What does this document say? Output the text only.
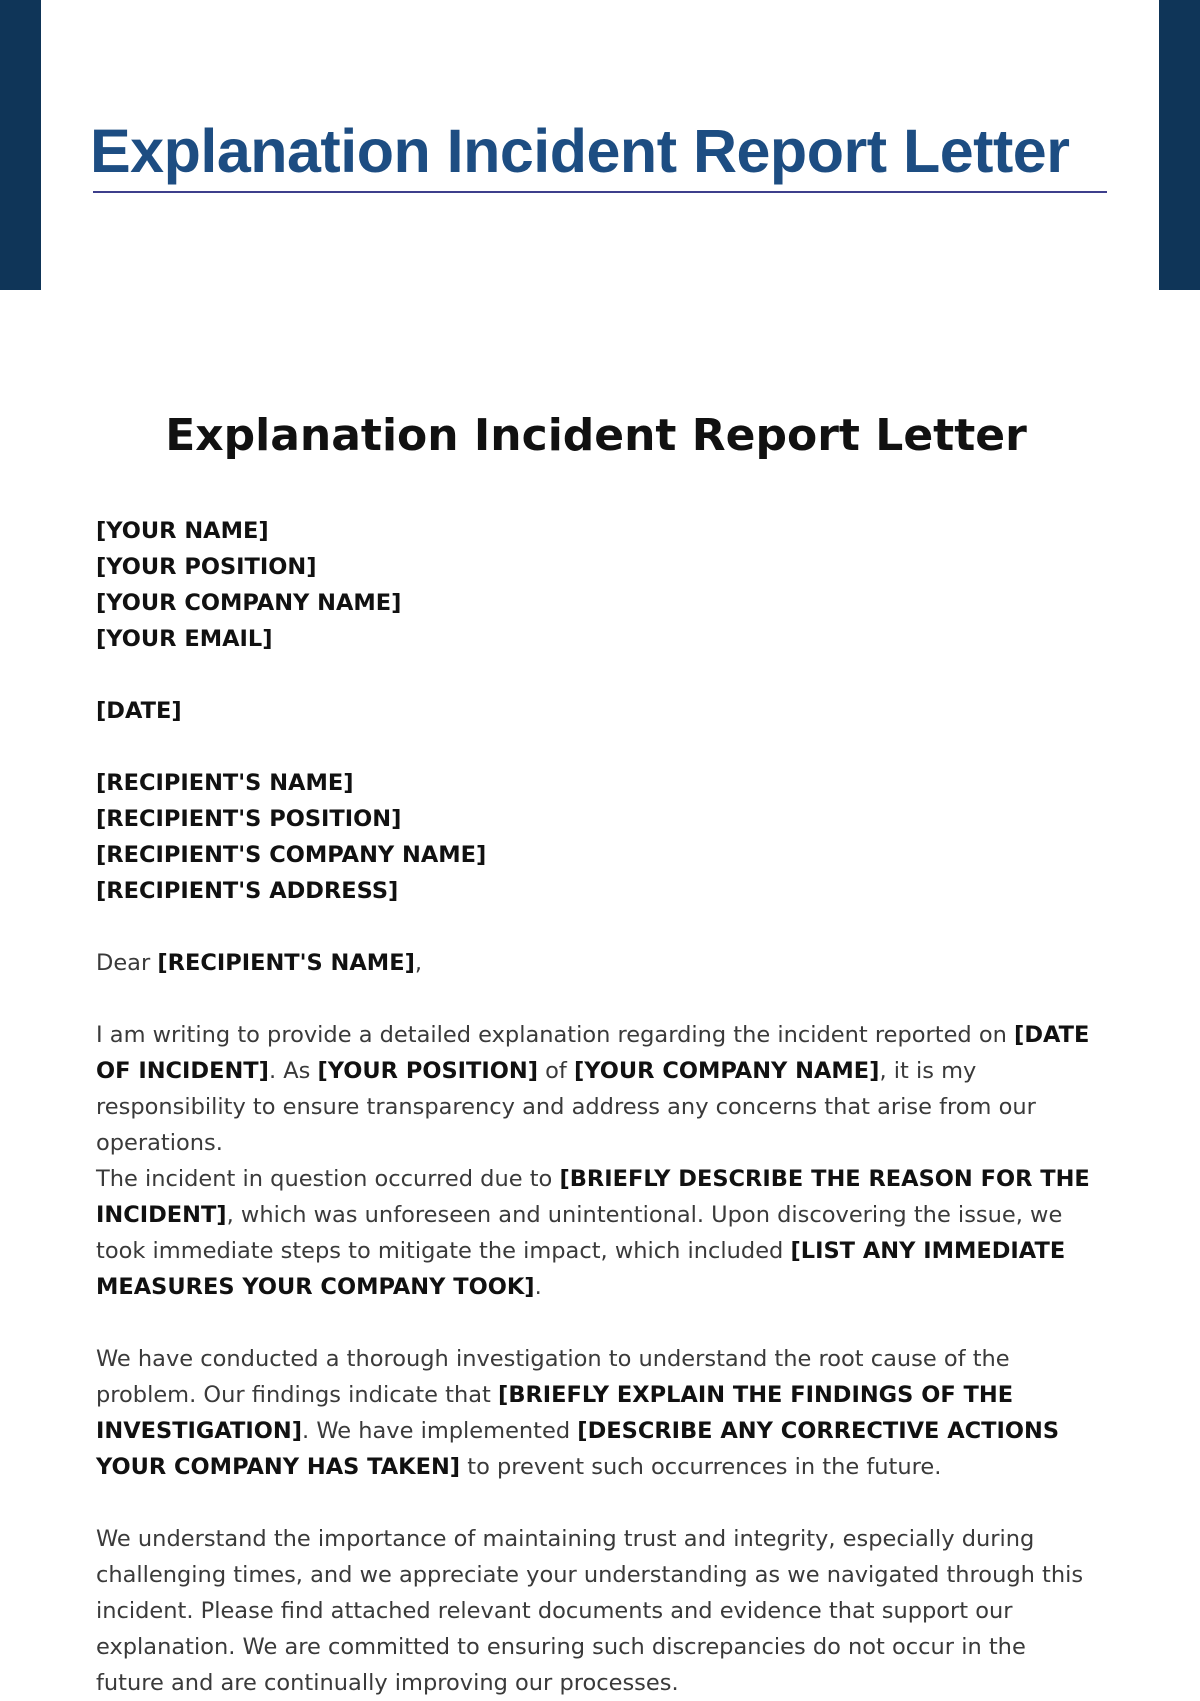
Explanation Incident Report Letter
Explanation Incident Report Letter
[YOUR NAME]
[YOUR POSITION]
[YOUR COMPANY NAME]
[YOUR EMAIL]
[DATE]
[RECIPIENT'S NAME]
[RECIPIENT'S POSITION]
[RECIPIENT'S COMPANY NAME]
[RECIPIENT'S ADDRESS]

Dear [RECIPIENT'S NAME],

I am writing to provide a detailed explanation regarding the incident reported on [DATE OF INCIDENT]. As [YOUR POSITION] of [YOUR COMPANY NAME], it is my responsibility to ensure transparency and address any concerns that arise from our operations.

The incident in question occurred due to [BRIEFLY DESCRIBE THE REASON FOR THE INCIDENT], which was unforeseen and unintentional. Upon discovering the issue, we took immediate steps to mitigate the impact, which included [LIST ANY IMMEDIATE MEASURES YOUR COMPANY TOOK].

We have conducted a thorough investigation to understand the root cause of the problem. Our findings indicate that [BRIEFLY EXPLAIN THE FINDINGS OF THE INVESTIGATION]. We have implemented [DESCRIBE ANY CORRECTIVE ACTIONS YOUR COMPANY HAS TAKEN] to prevent such occurrences in the future.

We understand the importance of maintaining trust and integrity, especially during challenging times, and we appreciate your understanding as we navigated through this incident. Please find attached relevant documents and evidence that support our explanation. We are committed to ensuring such discrepancies do not occur in the future and are continually improving our processes.
